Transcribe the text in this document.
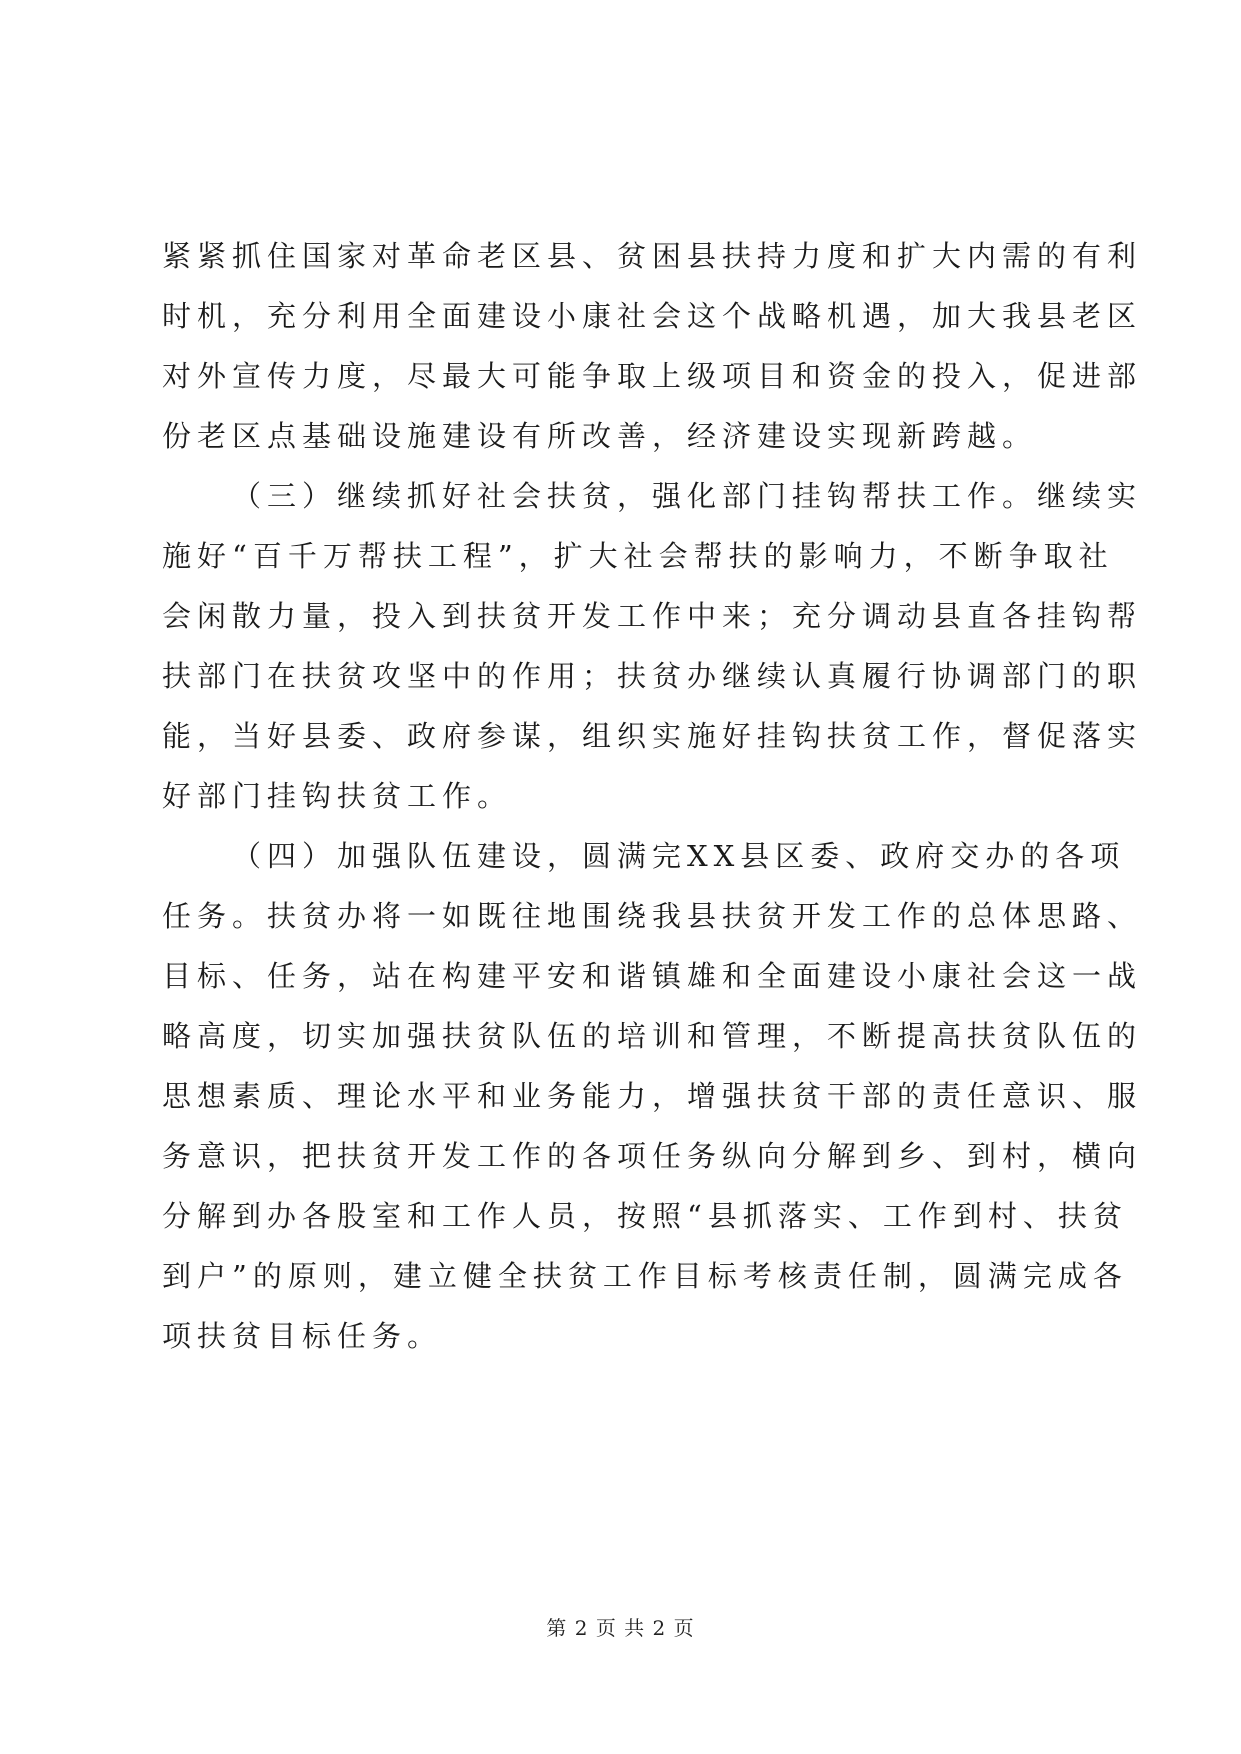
紧紧抓住国家对革命老区县、贫困县扶持力度和扩大内需的有利
时机，充分利用全面建设小康社会这个战略机遇，加大我县老区
对外宣传力度，尽最大可能争取上级项目和资金的投入，促进部
份老区点基础设施建设有所改善，经济建设实现新跨越。
（三）继续抓好社会扶贫，强化部门挂钩帮扶工作。继续实
施好“百千万帮扶工程”，扩大社会帮扶的影响力，不断争取社
会闲散力量，投入到扶贫开发工作中来；充分调动县直各挂钩帮
扶部门在扶贫攻坚中的作用；扶贫办继续认真履行协调部门的职
能，当好县委、政府参谋，组织实施好挂钩扶贫工作，督促落实
好部门挂钩扶贫工作。
（四）加强队伍建设，圆满完XX县区委、政府交办的各项
任务。扶贫办将一如既往地围绕我县扶贫开发工作的总体思路、
目标、任务，站在构建平安和谐镇雄和全面建设小康社会这一战
略高度，切实加强扶贫队伍的培训和管理，不断提高扶贫队伍的
思想素质、理论水平和业务能力，增强扶贫干部的责任意识、服
务意识，把扶贫开发工作的各项任务纵向分解到乡、到村，横向
分解到办各股室和工作人员，按照“县抓落实、工作到村、扶贫
到户”的原则，建立健全扶贫工作目标考核责任制，圆满完成各
项扶贫目标任务。
第 2 页 共 2 页
